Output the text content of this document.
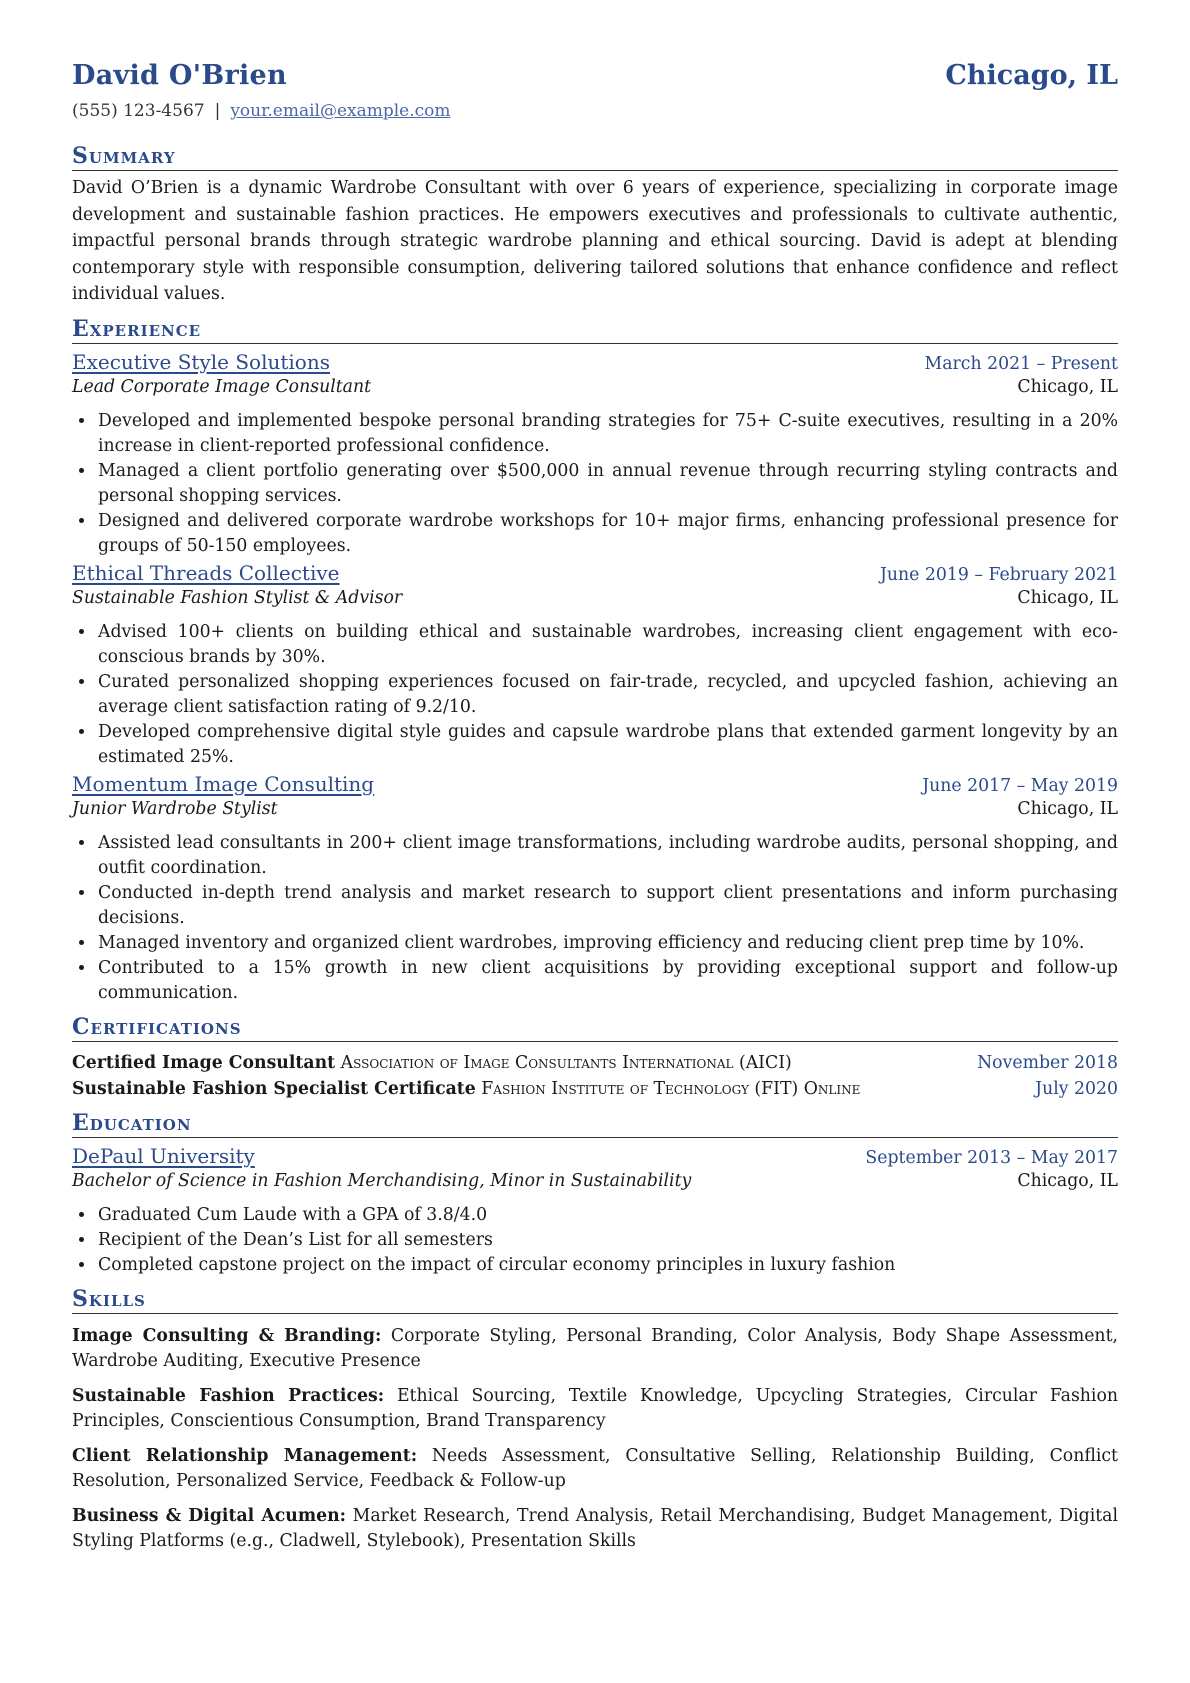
David O'Brien	Chicago, IL
(555) 123-4567 | your.email@example.com
Summary
David O’Brien is a dynamic Wardrobe Consultant with over 6 years of experience, specializing in corporate image development and sustainable fashion practices. He empowers executives and professionals to cultivate authentic, impactful personal brands through strategic wardrobe planning and ethical sourcing. David is adept at blending contemporary style with responsible consumption, delivering tailored solutions that enhance confidence and reflect individual values.
Experience
Executive Style Solutions	March 2021 – Present
Lead Corporate Image Consultant	Chicago, IL
• Developed and implemented bespoke personal branding strategies for 75+ C-suite executives, resulting in a 20% increase in client-reported professional confidence.
• Managed a client portfolio generating over $500,000 in annual revenue through recurring styling contracts and personal shopping services.
• Designed and delivered corporate wardrobe workshops for 10+ major firms, enhancing professional presence for groups of 50-150 employees.
Ethical Threads Collective	June 2019 – February 2021
Sustainable Fashion Stylist & Advisor	Chicago, IL
• Advised 100+ clients on building ethical and sustainable wardrobes, increasing client engagement with eco-conscious brands by 30%.
• Curated personalized shopping experiences focused on fair-trade, recycled, and upcycled fashion, achieving an average client satisfaction rating of 9.2/10.
• Developed comprehensive digital style guides and capsule wardrobe plans that extended garment longevity by an estimated 25%.
Momentum Image Consulting	June 2017 – May 2019
Junior Wardrobe Stylist	Chicago, IL
• Assisted lead consultants in 200+ client image transformations, including wardrobe audits, personal shopping, and outfit coordination.
• Conducted in-depth trend analysis and market research to support client presentations and inform purchasing decisions.
• Managed inventory and organized client wardrobes, improving efficiency and reducing client prep time by 10%.
• Contributed to a 15% growth in new client acquisitions by providing exceptional support and follow-up communication.
Certifications
Certified Image Consultant Association of Image Consultants International (AICI)	November 2018
Sustainable Fashion Specialist Certificate Fashion Institute of Technology (FIT) Online	July 2020
Education
DePaul University	September 2013 – May 2017
Bachelor of Science in Fashion Merchandising, Minor in Sustainability	Chicago, IL
• Graduated Cum Laude with a GPA of 3.8/4.0
• Recipient of the Dean’s List for all semesters
• Completed capstone project on the impact of circular economy principles in luxury fashion
Skills
Image Consulting & Branding: Corporate Styling, Personal Branding, Color Analysis, Body Shape Assessment, Wardrobe Auditing, Executive Presence
Sustainable Fashion Practices: Ethical Sourcing, Textile Knowledge, Upcycling Strategies, Circular Fashion Principles, Conscientious Consumption, Brand Transparency
Client Relationship Management: Needs Assessment, Consultative Selling, Relationship Building, Conflict Resolution, Personalized Service, Feedback & Follow-up
Business & Digital Acumen: Market Research, Trend Analysis, Retail Merchandising, Budget Management, Digital Styling Platforms (e.g., Cladwell, Stylebook), Presentation Skills
